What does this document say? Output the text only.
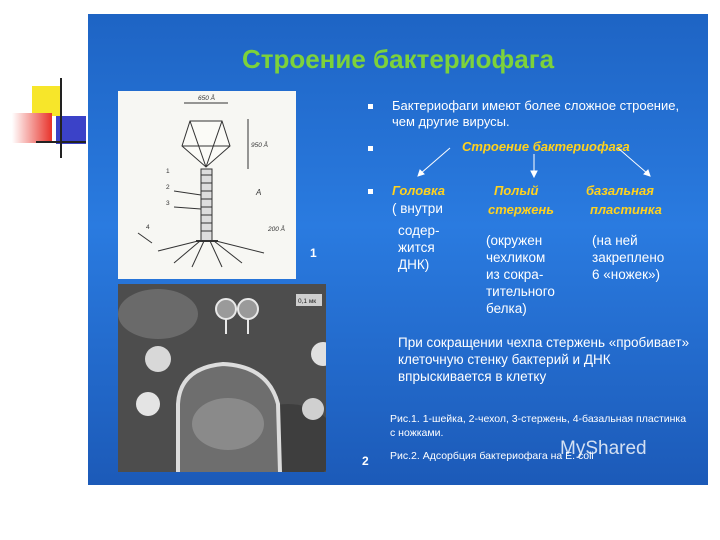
Строение бактериофага
650 Å
950 Å
200 Å
A
1
2
3
4
1
0,1 мк
2
Бактериофаги имеют более сложное строение, чем другие вирусы.
Строение бактериофага
Головка
( внутри
содер-
жится
ДНК)
Полый
стержень
(окружен
чехликом
из сокра-
тительного
белка)
базальная
пластинка
(на ней
закреплено
6 «ножек»)
При сокращении чехпа стержень «пробивает» клеточную стенку бактерий и ДНК впрыскивается в клетку
Рис.1. 1-шейка, 2-чехол, 3-стержень, 4-базальная пластинка с ножками.
Рис.2. Адсорбция бактериофага на E. coli
MyShared
